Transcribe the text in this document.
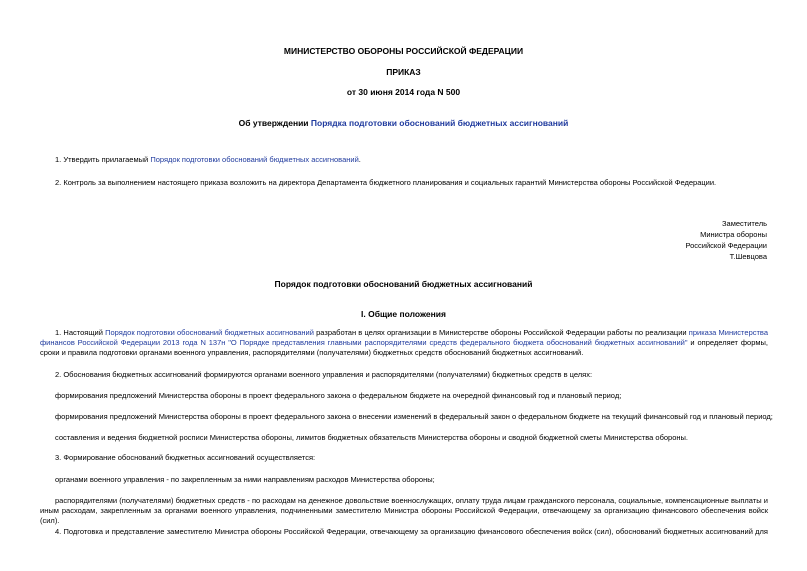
МИНИСТЕРСТВО ОБОРОНЫ РОССИЙСКОЙ ФЕДЕРАЦИИ
ПРИКАЗ
от 30 июня 2014 года N 500
Об утверждении Порядка подготовки обоснований бюджетных ассигнований
1. Утвердить прилагаемый Порядок подготовки обоснований бюджетных ассигнований.
2. Контроль за выполнением настоящего приказа возложить на директора Департамента бюджетного планирования и социальных гарантий Министерства обороны Российской Федерации.
Заместитель
Министра обороны
Российской Федерации
Т.Шевцова
Порядок подготовки обоснований бюджетных ассигнований
I. Общие положения
1. Настоящий Порядок подготовки обоснований бюджетных ассигнований разработан в целях организации в Министерстве обороны Российской Федерации работы по реализации приказа Министерства финансов Российской Федерации 2013 года N 137н "О Порядке представления главными распорядителями средств федерального бюджета обоснований бюджетных ассигнований" и определяет формы, сроки и правила подготовки органами военного управления, распорядителями (получателями) бюджетных средств обоснований бюджетных ассигнований.
2. Обоснования бюджетных ассигнований формируются органами военного управления и распорядителями (получателями) бюджетных средств в целях:
формирования предложений Министерства обороны в проект федерального закона о федеральном бюджете на очередной финансовый год и плановый период;
формирования предложений Министерства обороны в проект федерального закона о внесении изменений в федеральный закон о федеральном бюджете на текущий финансовый год и плановый период;
составления и ведения бюджетной росписи Министерства обороны, лимитов бюджетных обязательств Министерства обороны и сводной бюджетной сметы Министерства обороны.
3. Формирование обоснований бюджетных ассигнований осуществляется:
органами военного управления - по закрепленным за ними направлениям расходов Министерства обороны;
распорядителями (получателями) бюджетных средств - по расходам на денежное довольствие военнослужащих, оплату труда лицам гражданского персонала, социальные, компенсационные выплаты и иным расходам, закрепленным за органами военного управления, подчиненными заместителю Министра обороны Российской Федерации, отвечающему за организацию финансового обеспечения войск (сил).
4. Подготовка и представление заместителю Министра обороны Российской Федерации, отвечающему за организацию финансового обеспечения войск (сил), обоснований бюджетных ассигнований для
